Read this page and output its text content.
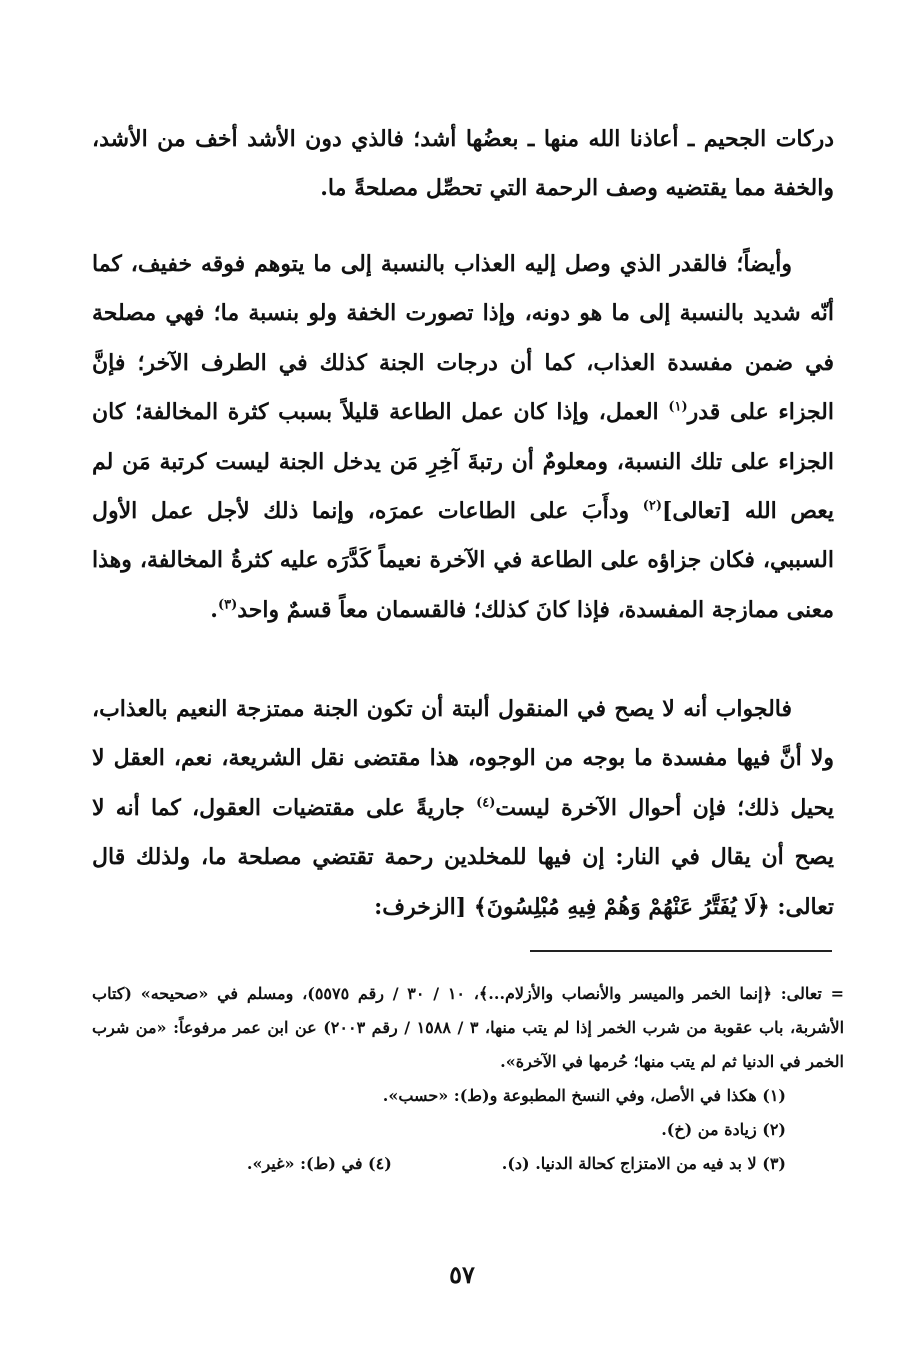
دركات الجحيم ـ أعاذنا الله منها ـ بعضُها أشد؛ فالذي دون الأشد أخف من الأشد، والخفة مما يقتضيه وصف الرحمة التي تحصِّل مصلحةً ما.
وأيضاً؛ فالقدر الذي وصل إليه العذاب بالنسبة إلى ما يتوهم فوقه خفيف، كما أنّه شديد بالنسبة إلى ما هو دونه، وإذا تصورت الخفة ولو بنسبة ما؛ فهي مصلحة في ضمن مفسدة العذاب، كما أن درجات الجنة كذلك في الطرف الآخر؛ فإنَّ الجزاء على قدر$^{(١)}$ العمل، وإذا كان عمل الطاعة قليلاً بسبب كثرة المخالفة؛ كان الجزاء على تلك النسبة، ومعلومٌ أن رتبةَ آخِرِ مَن يدخل الجنة ليست كرتبة مَن لم يعص الله [تعالى]$^{(٢)}$ ودأَبَ على الطاعات عمرَه، وإنما ذلك لأجل عمل الأول السببي، فكان جزاؤه على الطاعة في الآخرة نعيماً كَدَّرَه عليه كثرةُ المخالفة، وهذا معنى ممازجة المفسدة، فإذا كانَ كذلك؛ فالقسمان معاً قسمٌ واحد$^{(٣)}$.
فالجواب أنه لا يصح في المنقول ألبتة أن تكون الجنة ممتزجة النعيم بالعذاب، ولا أنَّ فيها مفسدة ما بوجه من الوجوه، هذا مقتضى نقل الشريعة، نعم، العقل لا يحيل ذلك؛ فإن أحوال الآخرة ليست$^{(٤)}$ جاريةً على مقتضيات العقول، كما أنه لا يصح أن يقال في النار: إن فيها للمخلدين رحمة تقتضي مصلحة ما، ولذلك قال تعالى: ﴿لَا يُفَتَّرُ عَنْهُمْ وَهُمْ فِيهِ مُبْلِسُونَ﴾ [الزخرف:
= تعالى: ﴿إنما الخمر والميسر والأنصاب والأزلام...﴾، ١٠ / ٣٠ / رقم ٥٥٧٥)، ومسلم في «صحيحه» (كتاب الأشربة، باب عقوبة من شرب الخمر إذا لم يتب منها، ٣ / ١٥٨٨ / رقم ٢٠٠٣) عن ابن عمر مرفوعاً: «من شرب الخمر في الدنيا ثم لم يتب منها؛ حُرمها في الآخرة».
(١) هكذا في الأصل، وفي النسخ المطبوعة و(ط): «حسب».
(٢) زيادة من (خ).
(٣) لا بد فيه من الامتزاج كحالة الدنيا. (د).
(٤) في (ط): «غير».
٥٧
